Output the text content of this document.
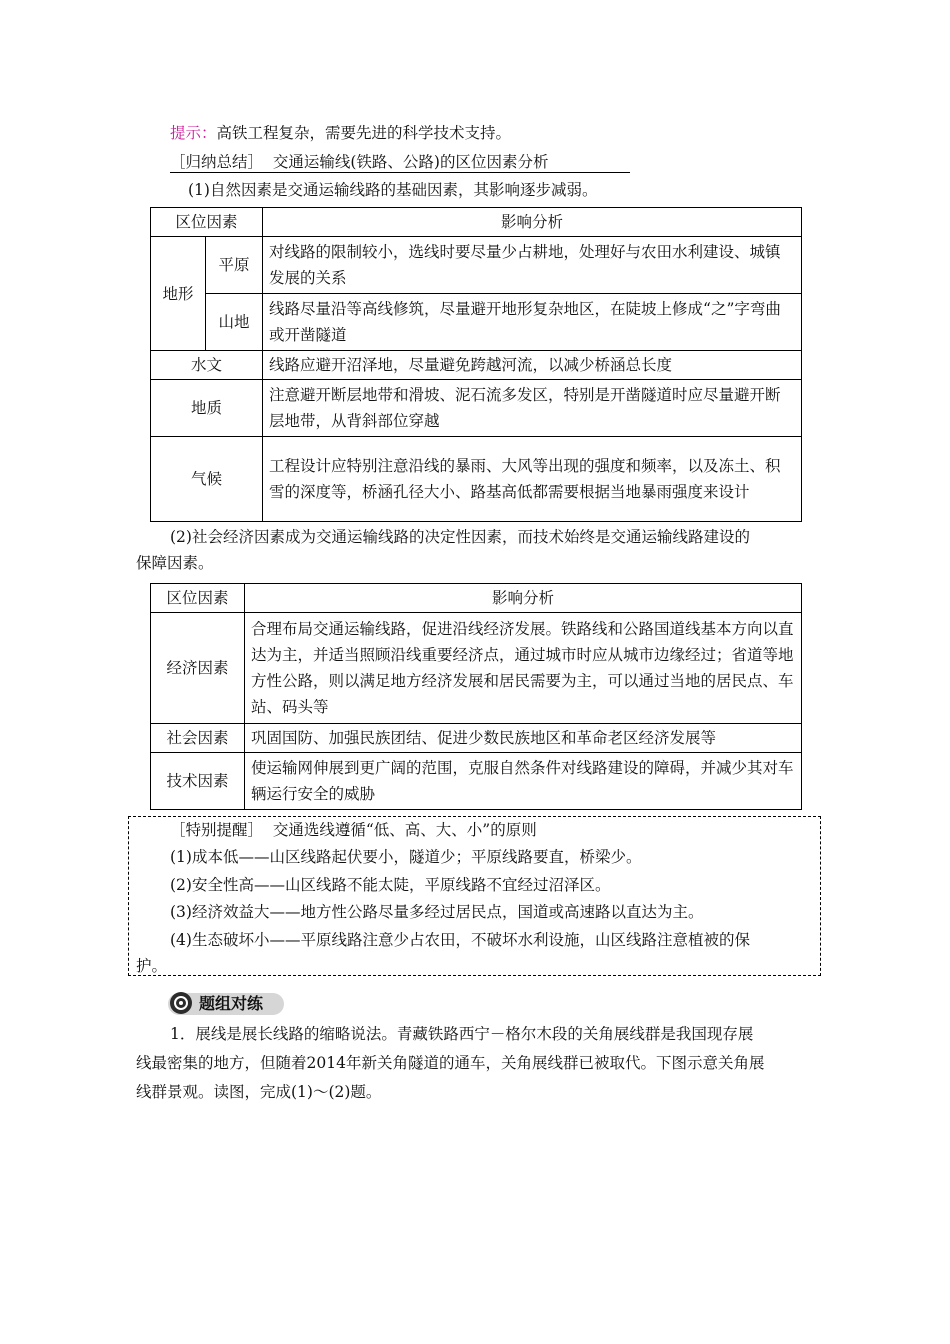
提示：高铁工程复杂，需要先进的科学技术支持。
［归纳总结］ 交通运输线(铁路、公路)的区位因素分析
(1)自然因素是交通运输线路的基础因素，其影响逐步减弱。
区位因素		影响分析
地形	平原	对线路的限制较小，选线时要尽量少占耕地，处理好与农田水利建设、城镇发展的关系
	山地	线路尽量沿等高线修筑，尽量避开地形复杂地区，在陡坡上修成“之”字弯曲或开凿隧道
水文		线路应避开沼泽地，尽量避免跨越河流，以减少桥涵总长度
地质		注意避开断层地带和滑坡、泥石流多发区，特别是开凿隧道时应尽量避开断层地带，从背斜部位穿越
气候		工程设计应特别注意沿线的暴雨、大风等出现的强度和频率，以及冻土、积雪的深度等，桥涵孔径大小、路基高低都需要根据当地暴雨强度来设计
(2)社会经济因素成为交通运输线路的决定性因素，而技术始终是交通运输线路建设的
保障因素。
区位因素	影响分析
经济因素	合理布局交通运输线路，促进沿线经济发展。铁路线和公路国道线基本方向以直达为主，并适当照顾沿线重要经济点，通过城市时应从城市边缘经过；省道等地方性公路，则以满足地方经济发展和居民需要为主，可以通过当地的居民点、车站、码头等
社会因素	巩固国防、加强民族团结、促进少数民族地区和革命老区经济发展等
技术因素	使运输网伸展到更广阔的范围，克服自然条件对线路建设的障碍，并减少其对车辆运行安全的威胁
［特别提醒］ 交通选线遵循“低、高、大、小”的原则
(1)成本低——山区线路起伏要小，隧道少；平原线路要直，桥梁少。
(2)安全性高——山区线路不能太陡，平原线路不宜经过沼泽区。
(3)经济效益大——地方性公路尽量多经过居民点，国道或高速路以直达为主。
(4)生态破坏小——平原线路注意少占农田，不破坏水利设施，山区线路注意植被的保
护。
题组对练
1．展线是展长线路的缩略说法。青藏铁路西宁－格尔木段的关角展线群是我国现存展
线最密集的地方，但随着2014年新关角隧道的通车，关角展线群已被取代。下图示意关角展
线群景观。读图，完成(1)～(2)题。
